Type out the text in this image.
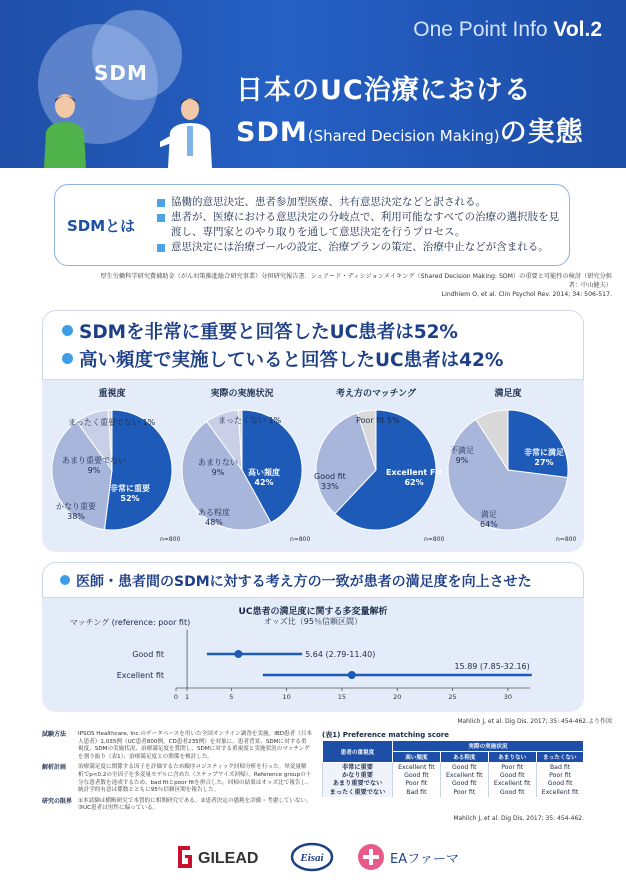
SDM
One Point Info Vol.2
日本のUC治療における
SDM(Shared Decision Making)の実態
SDMとは
協働的意思決定、患者参加型医療、共有意思決定などと訳される。
患者が、医療における意思決定の分岐点で、利用可能なすべての治療の選択肢を見渡し、専門家とのやり取りを通して意思決定を行うプロセス。
意思決定には治療ゴールの設定、治療プランの策定、治療中止などが含まれる。
厚生労働科学研究費補助金（がん対策推進総合研究事業）分担研究報告書．シェアード・ディシジョンメイキング（Shared Decision Making: SDM）の重要と可能性の検討（研究分担者：中山健夫）
Lindhiem O, et al. Clin Psychol Rev. 2014; 34: 506-517.
SDMを非常に重要と回答したUC患者は52%
高い頻度で実施していると回答したUC患者は42%
重視度
非常に重要
52%
かなり重要
38%
あまり重要でない
9%
まったく重要でない 1%
n=800
実際の実施状況
高い頻度
42%
ある程度
48%
あまりない
9%
まったくない 1%
n=800
考え方のマッチング
Excellent Fit
62%
Good fit
33%
Poor fit 5%
n=800
満足度
非常に満足
27%
満足
64%
不満足
9%
n=800
医師・患者間のSDMに対する考え方の一致が患者の満足度を向上させた
UC患者の満足度に関する多変量解析
オッズ比（95％信頼区間）
マッチング (reference: poor fit)
0 1	5	10	15	20	25	30
Good fit	5.64 (2.79-11.40)
Excellent fit
15.89 (7.85-32.16)
Mahlich J, et al. Dig Dis. 2017; 35: 454-462.より作図
試験方法	IPSOS Healthcare, Inc.のデータベースを用いた全国オンライン調査を実施。IBD患者（日本人患者）1,035例（UC患者800例、CD患者235例）を対象に、患者背景、SDMに対する重視度、SDMの実施状況、治療満足度を質問し、SDMに対する重視度と実施状況のマッチングを割り振り（表1）、治療満足度との関係を検討した。
解析計画	治療満足度に関係する因子を評価するため順序ロジスティック回帰分析を行った。単変量解析でp<0.2の全因子を多変量モデルに含めた（ステップワイズ回帰）。Reference groupの十分な患者数を達成するため、bad fitとpoor fitを併合した。回帰の結果はオッズ比で報告し、統計学的有意は係数とともに95％信頼区間を報告した。
研究の限界	①本試験は横断研究で本質的に相関研究である。②患者決定の愚鈍を評価・考慮していない。③UC患者は男性に偏っている。
(表1) Preference matching score
患者の重視度	実際の実施状況			
	高い頻度	ある程度	あまりない	まったくない
非常に重要	Excellent fit	Good fit	Poor fit	Bad fit
かなり重要	Good fit	Excellent fit	Good fit	Poor fit
あまり重要でない	Poor fit	Good fit	Excellent fit	Good fit
まったく重要でない	Bad fit	Poor fit	Good fit	Excellent fit
Mahlich J, et al. Dig Dis. 2017; 35: 454-462.
GILEAD	Eisai	EAファーマ
